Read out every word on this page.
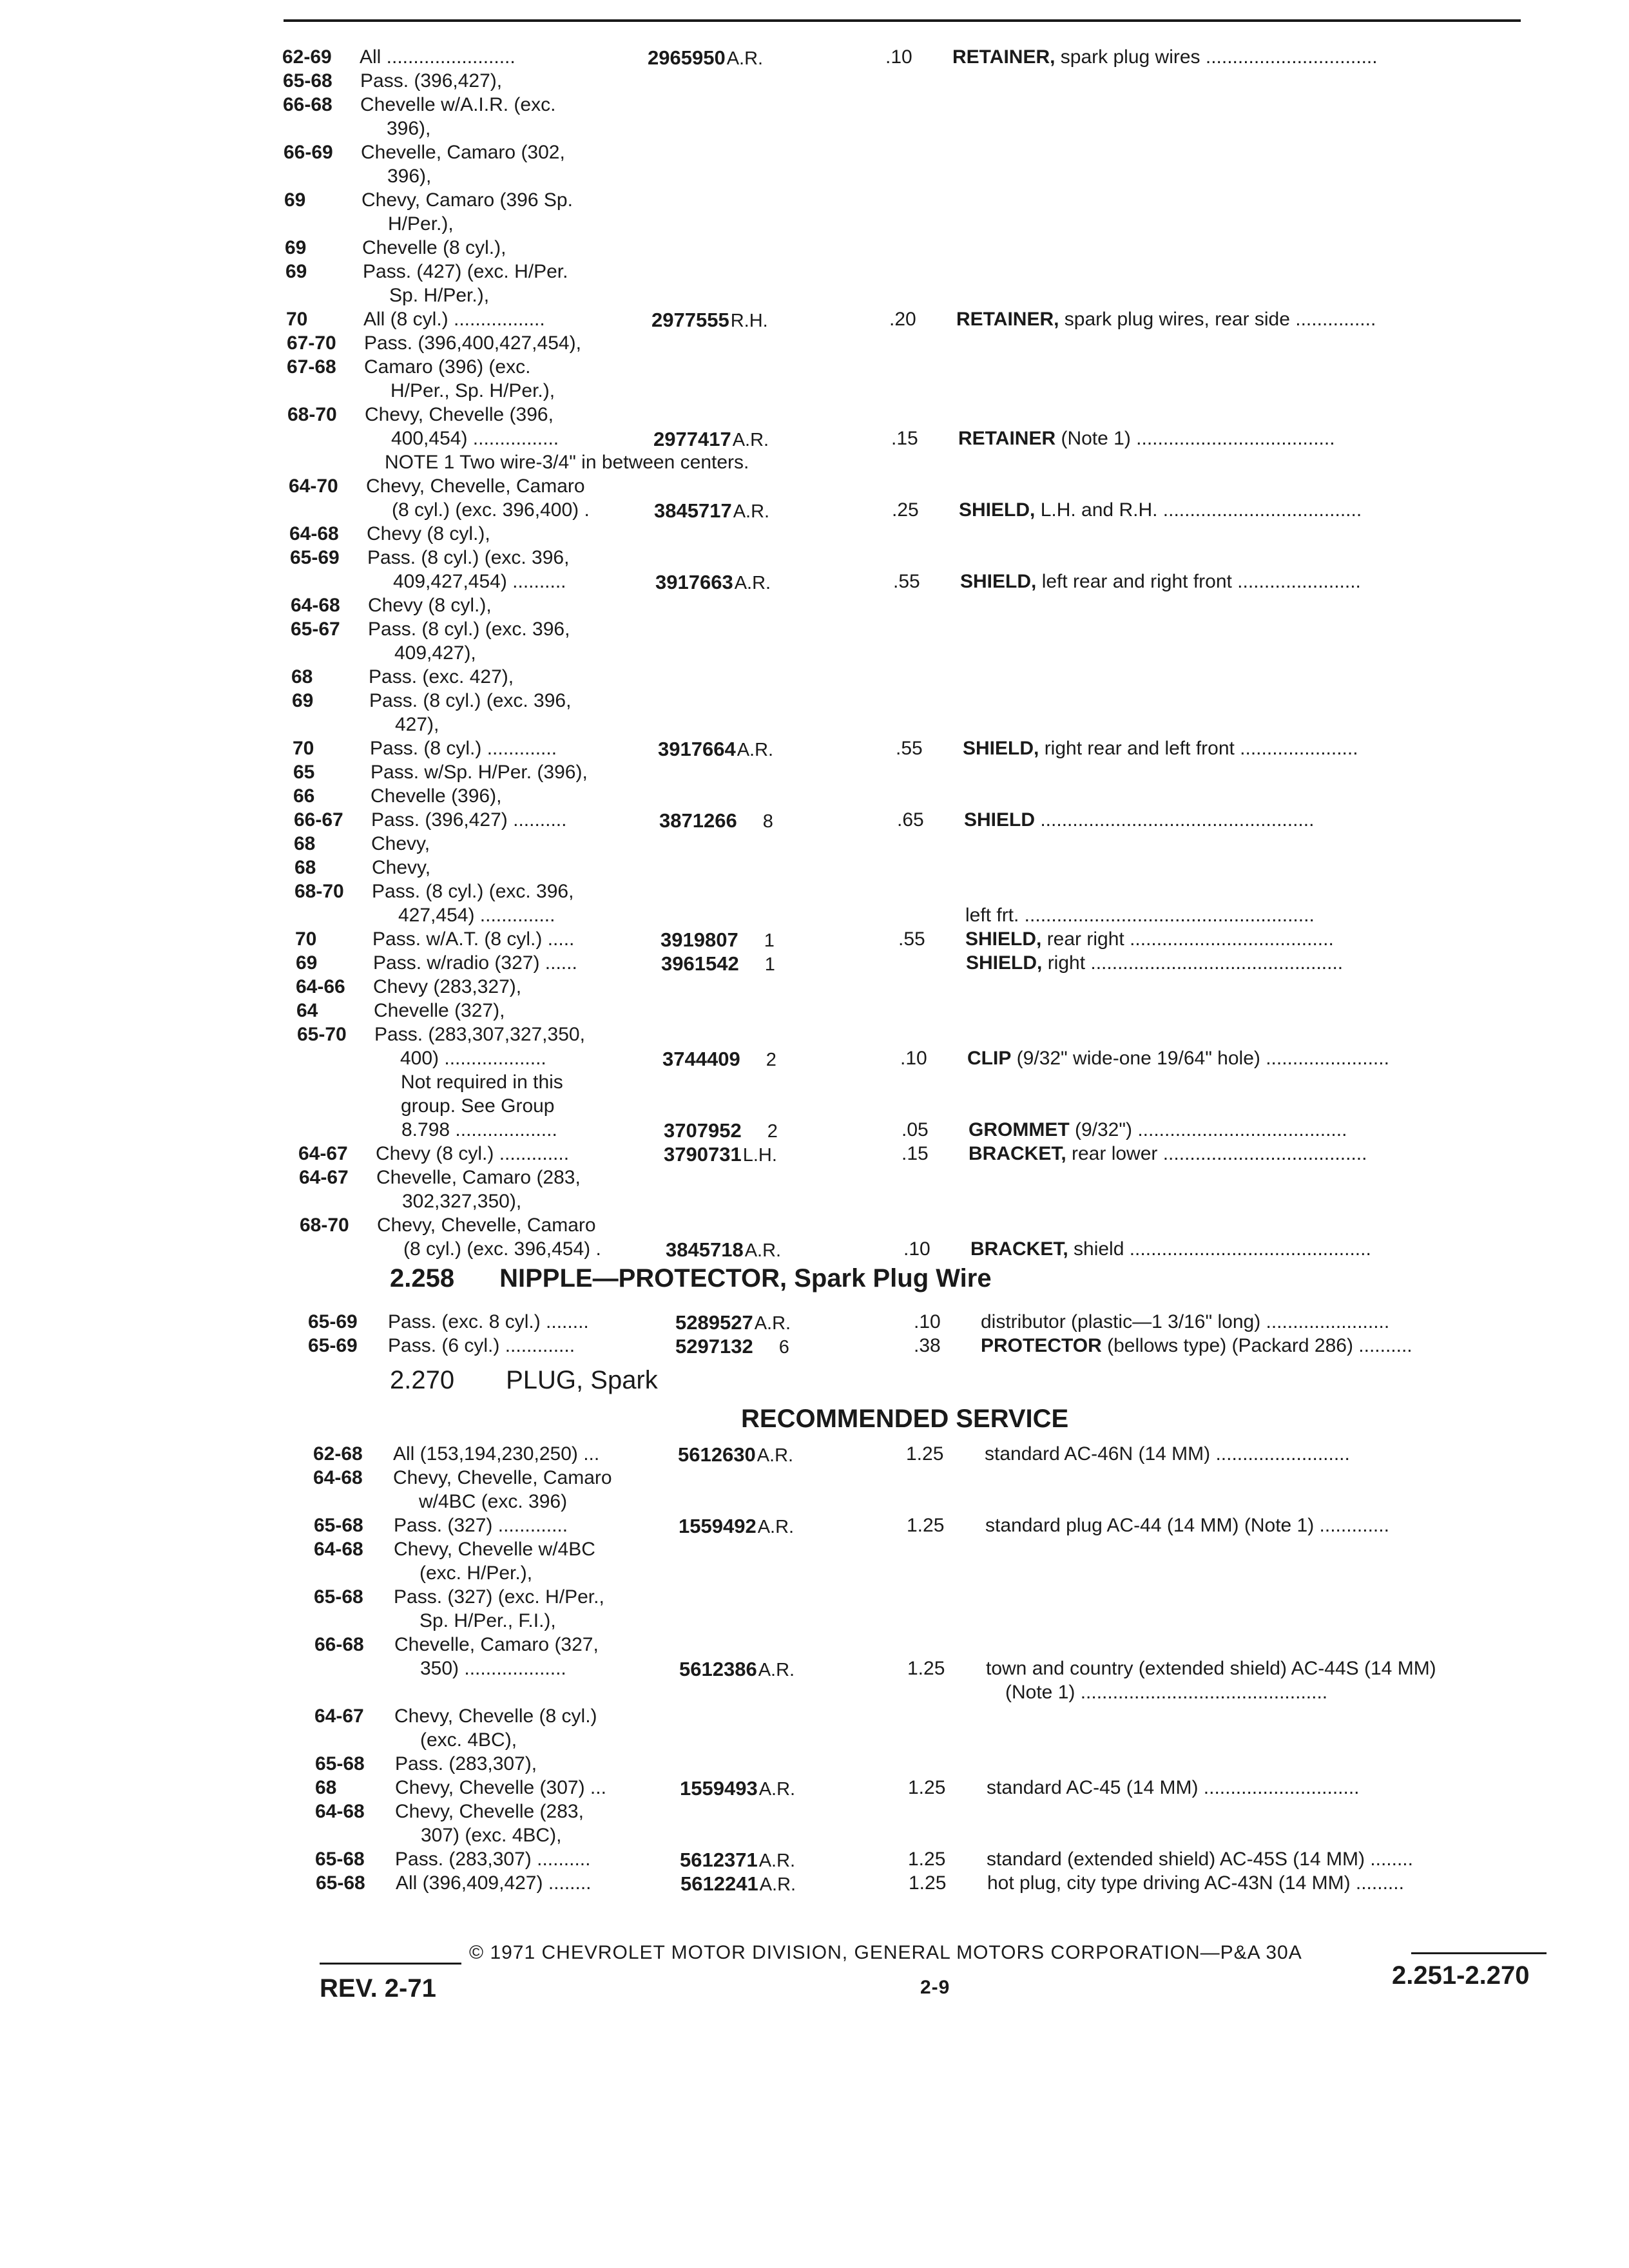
62-69 All ........................	2965950A.R.	.10 RETAINER, spark plug wires ................................
65-68 Pass. (396,427),
66-68 Chevelle w/A.I.R. (exc.
396),
66-69 Chevelle, Camaro (302,
396),
69	Chevy, Camaro (396 Sp.
H/Per.),
69	Chevelle (8 cyl.),
69	Pass. (427) (exc. H/Per.
Sp. H/Per.),
70	All (8 cyl.) .................	2977555R.H.	.20 RETAINER, spark plug wires, rear side ...............
67-70 Pass. (396,400,427,454),
67-68 Camaro (396) (exc.
H/Per., Sp. H/Per.),
68-70 Chevy, Chevelle (396,
400,454) ................	2977417A.R.	.15 RETAINER (Note 1) .....................................
NOTE 1 Two wire-3/4" in between centers.
64-70 Chevy, Chevelle, Camaro
(8 cyl.) (exc. 396,400) .	3845717A.R.	.25 SHIELD, L.H. and R.H. .....................................
64-68 Chevy (8 cyl.),
65-69 Pass. (8 cyl.) (exc. 396,
409,427,454) ..........	3917663A.R.	.55 SHIELD, left rear and right front .......................
64-68 Chevy (8 cyl.),
65-67 Pass. (8 cyl.) (exc. 396,
409,427),
68	Pass. (exc. 427),
69	Pass. (8 cyl.) (exc. 396,
427),
70	Pass. (8 cyl.) .............	3917664A.R.	.55 SHIELD, right rear and left front ......................
65	Pass. w/Sp. H/Per. (396),
66	Chevelle (396),
66-67 Pass. (396,427) ..........	3871266 8	.65 SHIELD ...................................................
68	Chevy,
68	Chevy,
68-70 Pass. (8 cyl.) (exc. 396,
427,454) ..............	left frt. ......................................................
70	Pass. w/A.T. (8 cyl.) .....	3919807 1	.55 SHIELD, rear right ......................................
69	Pass. w/radio (327) ......	3961542 1	SHIELD, right ...............................................
64-66 Chevy (283,327),
64	Chevelle (327),
65-70 Pass. (283,307,327,350,
400) ...................	3744409 2	.10 CLIP (9/32" wide-one 19/64" hole) .......................
Not required in this
group. See Group
8.798 ...................	3707952 2	.05 GROMMET (9/32") .......................................
64-67 Chevy (8 cyl.) .............	3790731L.H.	.15 BRACKET, rear lower ......................................
64-67 Chevelle, Camaro (283,
302,327,350),
68-70 Chevy, Chevelle, Camaro
(8 cyl.) (exc. 396,454) .	3845718A.R.	.10 BRACKET, shield .............................................
2.258 NIPPLE—PROTECTOR, Spark Plug Wire
65-69 Pass. (exc. 8 cyl.) ........	5289527A.R.	.10 distributor (plastic—1 3/16" long) .......................
65-69 Pass. (6 cyl.) .............	5297132 6	.38 PROTECTOR (bellows type) (Packard 286) ..........
2.270 PLUG, Spark
RECOMMENDED SERVICE
62-68 All (153,194,230,250) ...	5612630A.R.	1.25 standard AC-46N (14 MM) .........................
64-68 Chevy, Chevelle, Camaro
w/4BC (exc. 396)
65-68 Pass. (327) .............	1559492A.R.	1.25 standard plug AC-44 (14 MM) (Note 1) .............
64-68 Chevy, Chevelle w/4BC
(exc. H/Per.),
65-68 Pass. (327) (exc. H/Per.,
Sp. H/Per., F.I.),
66-68 Chevelle, Camaro (327,
350) ...................	5612386A.R.	1.25 town and country (extended shield) AC-44S (14 MM)
(Note 1) ..............................................
64-67 Chevy, Chevelle (8 cyl.)
(exc. 4BC),
65-68 Pass. (283,307),
68	Chevy, Chevelle (307) ...	1559493A.R.	1.25 standard AC-45 (14 MM) .............................
64-68 Chevy, Chevelle (283,
307) (exc. 4BC),
65-68 Pass. (283,307) ..........	5612371A.R.	1.25 standard (extended shield) AC-45S (14 MM) ........
65-68 All (396,409,427) ........	5612241A.R.	1.25 hot plug, city type driving AC-43N (14 MM) .........
© 1971 CHEVROLET MOTOR DIVISION, GENERAL MOTORS CORPORATION—P&A 30A
REV. 2-71	2-9	2.251-2.270
